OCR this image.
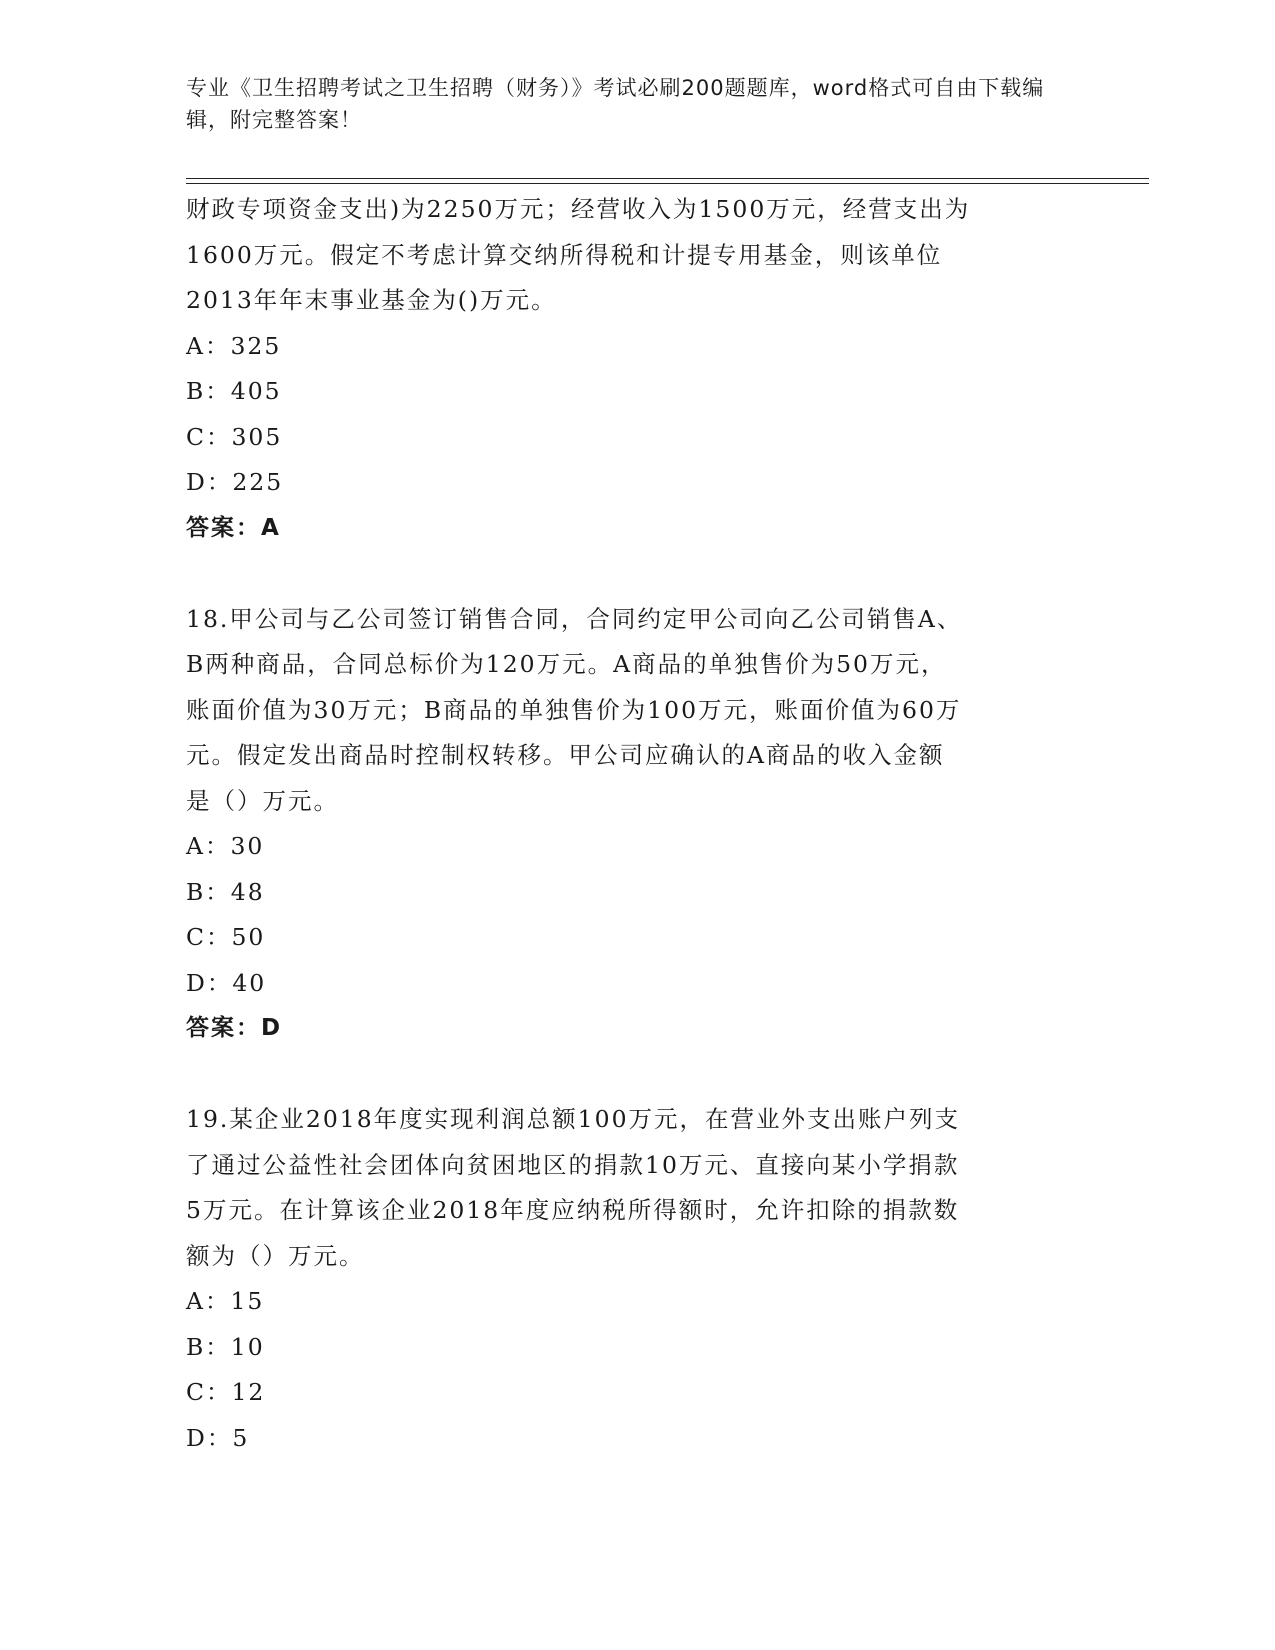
专业《卫生招聘考试之卫生招聘（财务）》考试必刷200题题库，word格式可自由下载编辑，附完整答案！

财政专项资金支出)为2250万元；经营收入为1500万元，经营支出为

1600万元。假定不考虑计算交纳所得税和计提专用基金，则该单位

2013年年末事业基金为()万元。

A：325

B：405

C：305

D：225

答案：A

18.甲公司与乙公司签订销售合同，合同约定甲公司向乙公司销售A、

B两种商品，合同总标价为120万元。A商品的单独售价为50万元，

账面价值为30万元；B商品的单独售价为100万元，账面价值为60万

元。假定发出商品时控制权转移。甲公司应确认的A商品的收入金额

是（）万元。

A：30

B：48

C：50

D：40

答案：D

19.某企业2018年度实现利润总额100万元，在营业外支出账户列支

了通过公益性社会团体向贫困地区的捐款10万元、直接向某小学捐款

5万元。在计算该企业2018年度应纳税所得额时，允许扣除的捐款数

额为（）万元。

A：15

B：10

C：12

D：5
